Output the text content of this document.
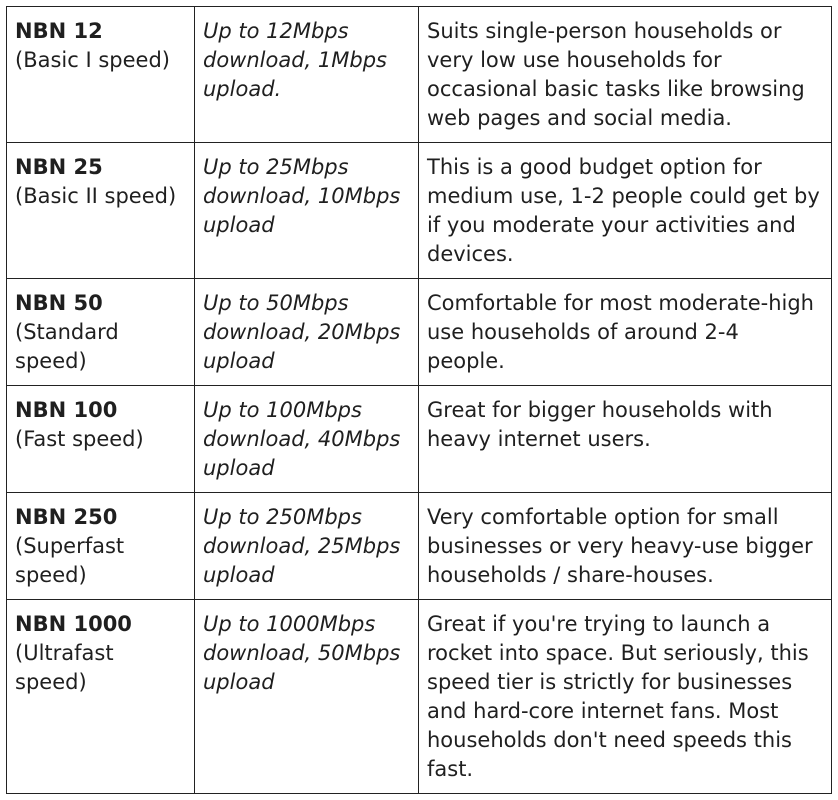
NBN 12
(Basic I speed)	Up to 12Mbps download, 1Mbps upload.	Suits single-person households or very low use households for occasional basic tasks like browsing web pages and social media.

NBN 25
(Basic II speed)	Up to 25Mbps download, 10Mbps upload	This is a good budget option for medium use, 1-2 people could get by if you moderate your activities and devices.

NBN 50
(Standard speed)	Up to 50Mbps download, 20Mbps upload	Comfortable for most moderate-high use households of around 2-4 people.

NBN 100
(Fast speed)	Up to 100Mbps download, 40Mbps upload	Great for bigger households with heavy internet users.

NBN 250
(Superfast speed)	Up to 250Mbps download, 25Mbps upload	Very comfortable option for small businesses or very heavy-use bigger households / share-houses.

NBN 1000
(Ultrafast speed)	Up to 1000Mbps download, 50Mbps upload	Great if you're trying to launch a rocket into space. But seriously, this speed tier is strictly for businesses and hard-core internet fans. Most households don't need speeds this fast.
